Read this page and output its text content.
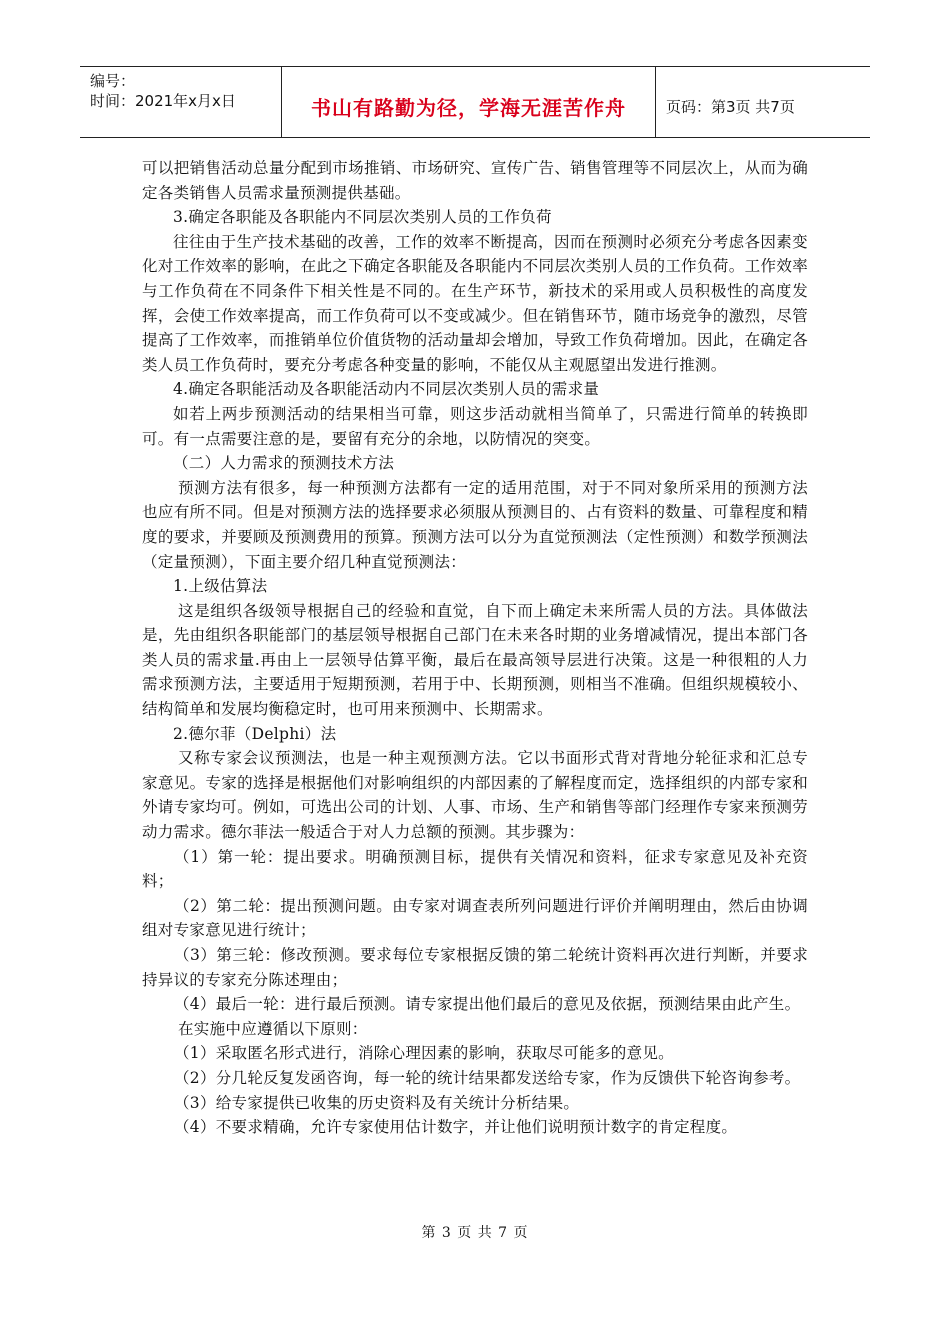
编号：
时间：2021年x月x日	书山有路勤为径，学海无涯苦作舟	页码：第3页 共7页

可以把销售活动总量分配到市场推销、市场研究、宣传广告、销售管理等不同层次上，从而为确定各类销售人员需求量预测提供基础。

3.确定各职能及各职能内不同层次类别人员的工作负荷

往往由于生产技术基础的改善，工作的效率不断提高，因而在预测时必须充分考虑各因素变化对工作效率的影响，在此之下确定各职能及各职能内不同层次类别人员的工作负荷。工作效率与工作负荷在不同条件下相关性是不同的。在生产环节，新技术的采用或人员积极性的高度发挥，会使工作效率提高，而工作负荷可以不变或减少。但在销售环节，随市场竞争的激烈，尽管提高了工作效率，而推销单位价值货物的活动量却会增加，导致工作负荷增加。因此，在确定各类人员工作负荷时，要充分考虑各种变量的影响，不能仅从主观愿望出发进行推测。

4.确定各职能活动及各职能活动内不同层次类别人员的需求量

如若上两步预测活动的结果相当可靠，则这步活动就相当简单了，只需进行简单的转换即可。有一点需要注意的是，要留有充分的余地，以防情况的突变。

（二）人力需求的预测技术方法

预测方法有很多，每一种预测方法都有一定的适用范围，对于不同对象所采用的预测方法也应有所不同。但是对预测方法的选择要求必须服从预测目的、占有资料的数量、可靠程度和精度的要求，并要顾及预测费用的预算。预测方法可以分为直觉预测法（定性预测）和数学预测法（定量预测），下面主要介绍几种直觉预测法：

1.上级估算法

这是组织各级领导根据自己的经验和直觉，自下而上确定未来所需人员的方法。具体做法是，先由组织各职能部门的基层领导根据自己部门在未来各时期的业务增减情况，提出本部门各类人员的需求量.再由上一层领导估算平衡，最后在最高领导层进行决策。这是一种很粗的人力需求预测方法，主要适用于短期预测，若用于中、长期预测，则相当不准确。但组织规模较小、结构简单和发展均衡稳定时，也可用来预测中、长期需求。

2.德尔菲（Delphi）法

又称专家会议预测法，也是一种主观预测方法。它以书面形式背对背地分轮征求和汇总专家意见。专家的选择是根据他们对影响组织的内部因素的了解程度而定，选择组织的内部专家和外请专家均可。例如，可选出公司的计划、人事、市场、生产和销售等部门经理作专家来预测劳动力需求。德尔菲法一般适合于对人力总额的预测。其步骤为：

（1）第一轮：提出要求。明确预测目标，提供有关情况和资料，征求专家意见及补充资料；

（2）第二轮：提出预测问题。由专家对调查表所列问题进行评价并阐明理由，然后由协调组对专家意见进行统计；

（3）第三轮：修改预测。要求每位专家根据反馈的第二轮统计资料再次进行判断，并要求持异议的专家充分陈述理由；

（4）最后一轮：进行最后预测。请专家提出他们最后的意见及依据，预测结果由此产生。

在实施中应遵循以下原则：

（1）采取匿名形式进行，消除心理因素的影响，获取尽可能多的意见。

（2）分几轮反复发函咨询，每一轮的统计结果都发送给专家，作为反馈供下轮咨询参考。

（3）给专家提供已收集的历史资料及有关统计分析结果。

（4）不要求精确，允许专家使用估计数字，并让他们说明预计数字的肯定程度。

第 3 页 共 7 页
